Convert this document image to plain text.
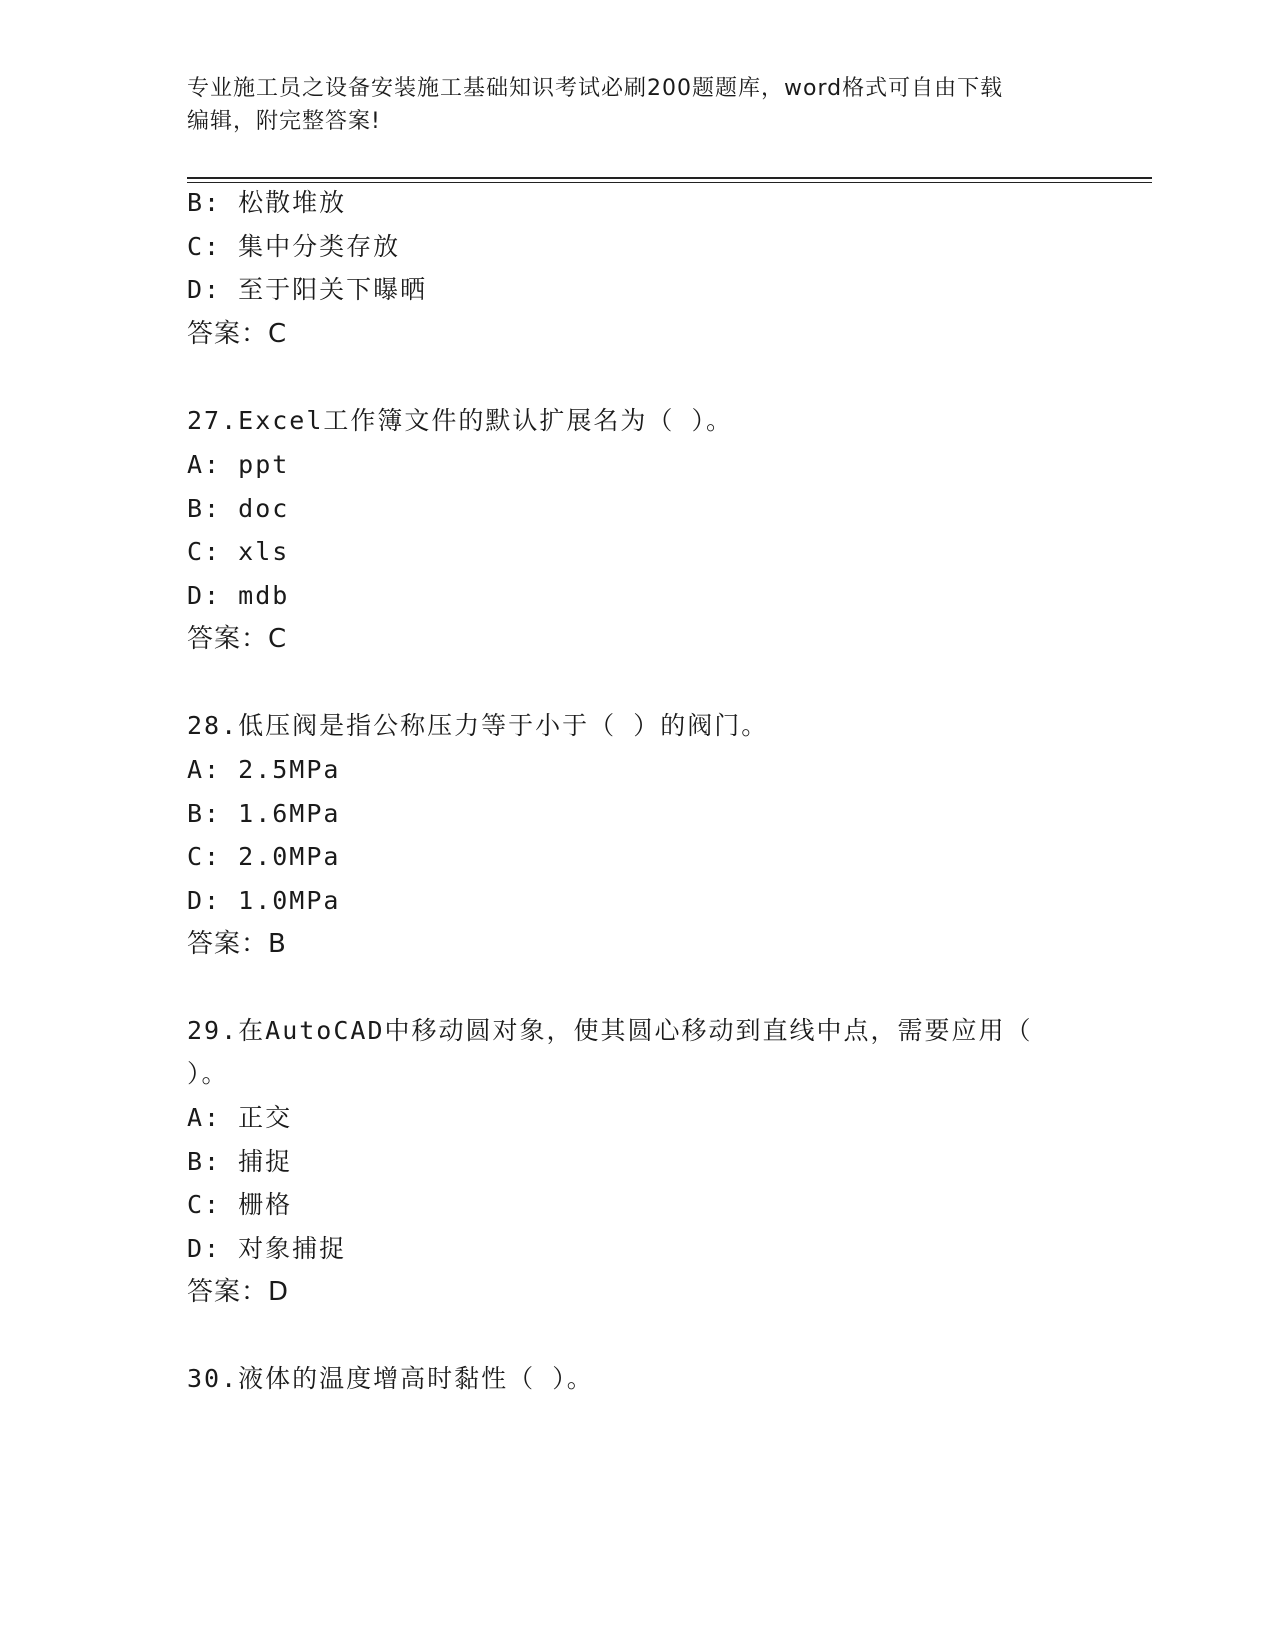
专业施工员之设备安装施工基础知识考试必刷200题题库，word格式可自由下载
编辑，附完整答案!
B: 松散堆放
C: 集中分类存放
D: 至于阳关下曝晒
答案：C
27.Excel工作簿文件的默认扩展名为（ ）。
A: ppt
B: doc
C: xls
D: mdb
答案：C
28.低压阀是指公称压力等于小于（ ）的阀门。
A: 2.5MPa
B: 1.6MPa
C: 2.0MPa
D: 1.0MPa
答案：B
29.在AutoCAD中移动圆对象，使其圆心移动到直线中点，需要应用（
）。
A: 正交
B: 捕捉
C: 栅格
D: 对象捕捉
答案：D
30.液体的温度增高时黏性（ ）。
